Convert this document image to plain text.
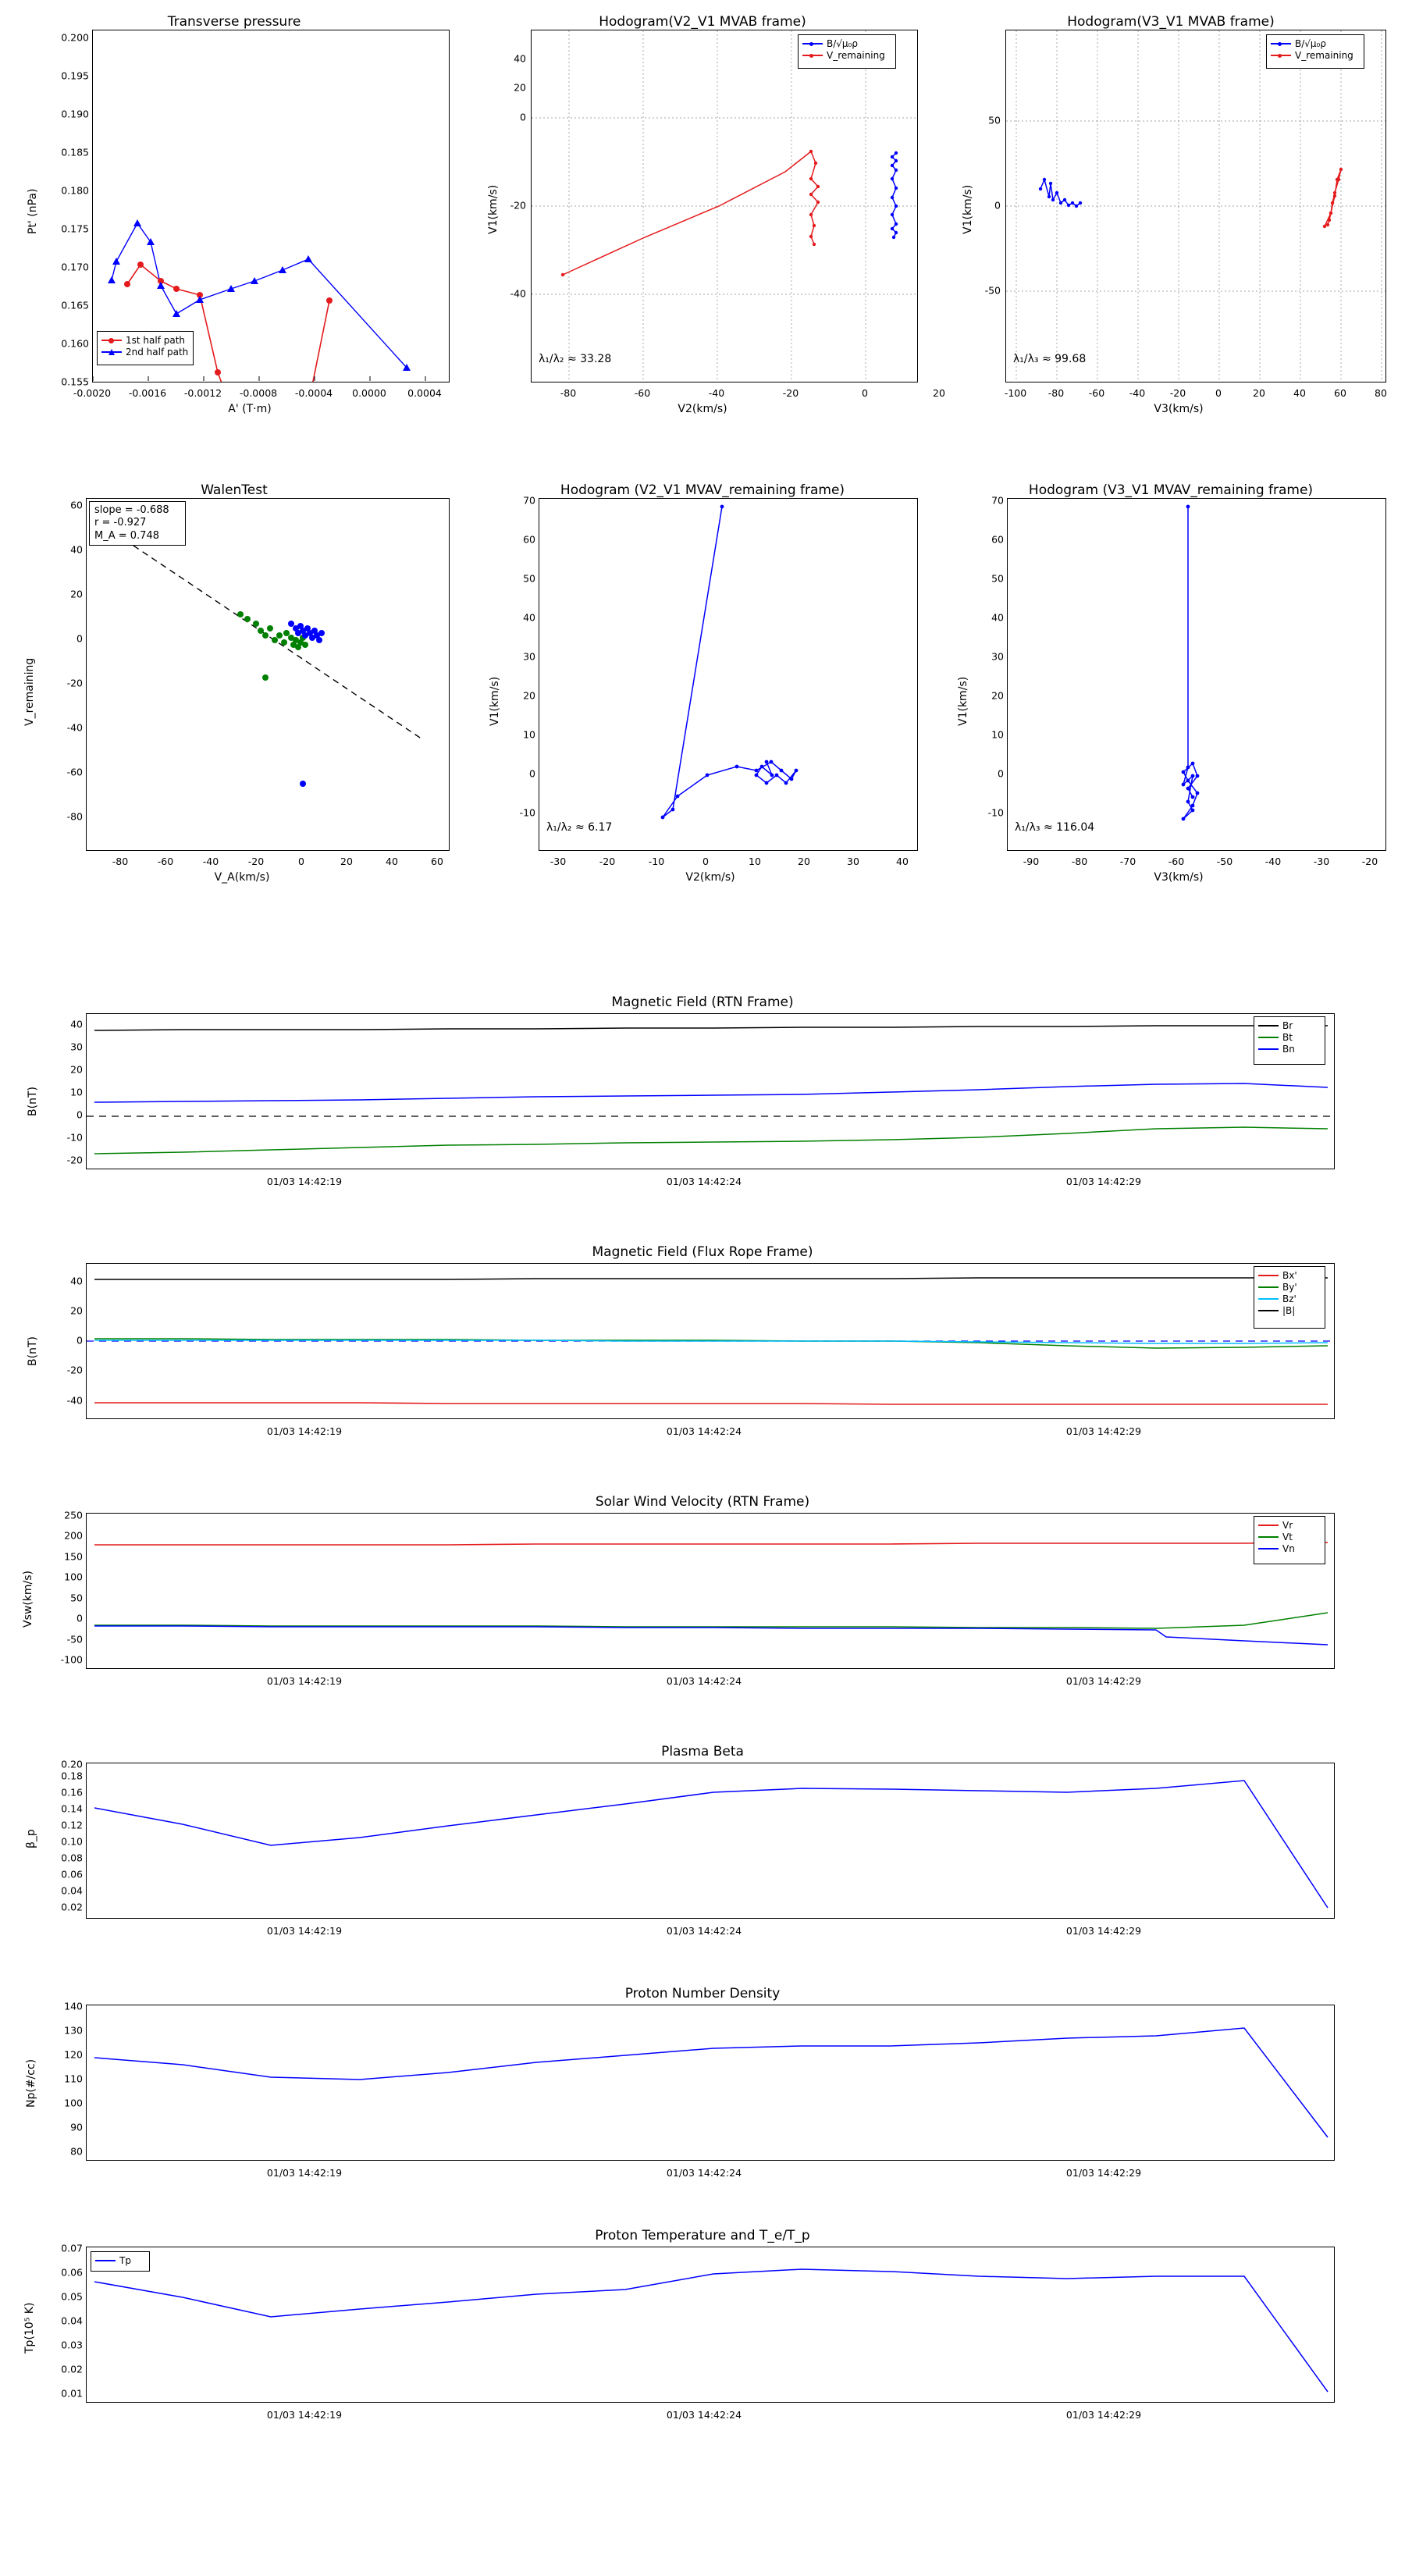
Transverse pressure
-0.0020 -0.0016 -0.0012 -0.0008 -0.0004 0.0000 0.0004
0.155
0.160
0.165
0.170
0.175
0.180
0.185
0.190
0.195
0.200
A' (T·m)
Pt' (nPa)
1st half path
2nd half path
Hodogram(V2_V1 MVAB frame)
-80	-60	-40	-20	0	20
-40
-20
0
20
40
V2(km/s)
V1(km/s)
λ₁/λ₂ ≈ 33.28
B/√μ₀ρ
V_remaining
Hodogram(V3_V1 MVAB frame)
-100 -80	-60	-40	-20	0	20	40	60	80
-50
0
50
V3(km/s)
V1(km/s)
λ₁/λ₃ ≈ 99.68
B/√μ₀ρ
V_remaining
WalenTest
slope = -0.688
r = -0.927
M_A = 0.748
-80	-60	-40	-20	0	20	40	60
-80
-60
-40
-20
0
20
40
60
V_A(km/s)
V_remaining
Hodogram (V2_V1 MVAV_remaining frame)
-30	-20	-10	0	10	20	30	40
-10
0
10
20
30
40
50
60
70
V2(km/s)
V1(km/s)
λ₁/λ₂ ≈ 6.17
Hodogram (V3_V1 MVAV_remaining frame)
-90	-80	-70	-60	-50	-40	-30	-20
-10
0
10
20
30
40
50
60
70
V3(km/s)
V1(km/s)
λ₁/λ₃ ≈ 116.04
Magnetic Field (RTN Frame)
-20
-10
0
10
20
30
40
B(nT)
01/03 14:42:19	01/03 14:42:24	01/03 14:42:29
Br
Bt
Bn
Magnetic Field (Flux Rope Frame)
-40
-20
0
20
40
B(nT)
01/03 14:42:19	01/03 14:42:24	01/03 14:42:29
Bx'
By'
Bz'
|B|
Solar Wind Velocity (RTN Frame)
-100
-50
0
50
100
150
200
250
Vsw(km/s)
01/03 14:42:19	01/03 14:42:24	01/03 14:42:29
Vr
Vt
Vn
Plasma Beta
0.02
0.04
0.06
0.08
0.10
0.12
0.14
0.16
0.18
0.20
β_p
01/03 14:42:19	01/03 14:42:24	01/03 14:42:29
Proton Number Density
80
90
100
110
120
130
140
Np(#/cc)
01/03 14:42:19	01/03 14:42:24	01/03 14:42:29
Proton Temperature and T_e/T_p
0.01
0.02
0.03
0.04
0.05
0.06
0.07
Tp(10⁵ K)
01/03 14:42:19	01/03 14:42:24	01/03 14:42:29
Tp
